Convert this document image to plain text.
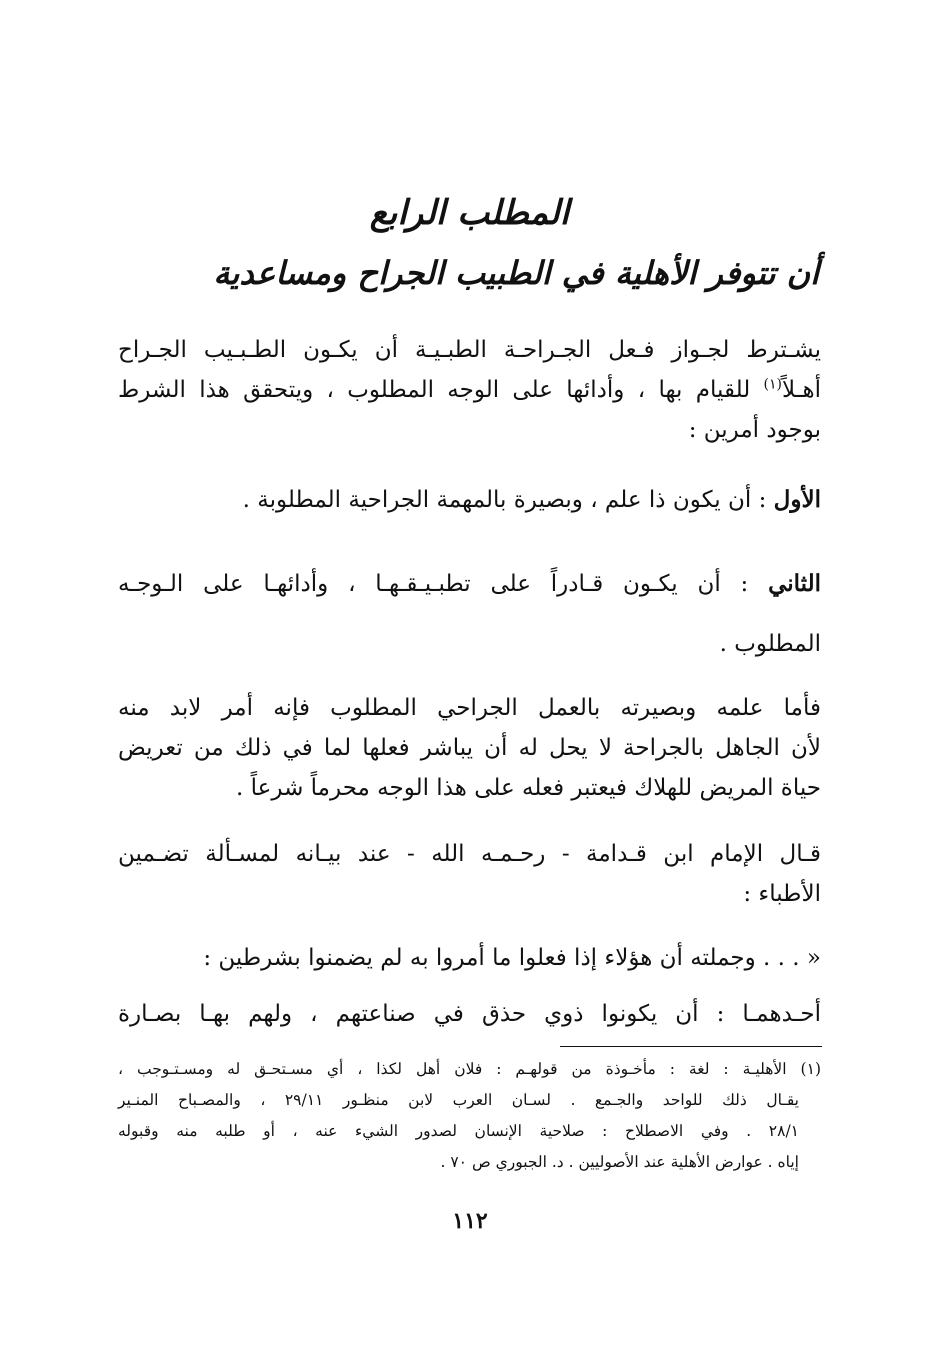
المطلب الرابع
أن تتوفر الأهلية في الطبيب الجراح ومساعدية
يشـترط لجـواز فـعل الجـراحـة الطبـيـة أن يكـون الطـبـيب الجـراح
أهـلاً$^{(١)}$ للقيام بها ، وأدائها على الوجه المطلوب ، ويتحقق هذا الشرط
بوجود أمرين :
الأول : أن يكون ذا علم ، وبصيرة بالمهمة الجراحية المطلوبة .
الثاني : أن يكـون قـادراً على تطبـيـقـهـا ، وأدائهـا على الـوجـه
المطلوب .
فأما علمه وبصيرته بالعمل الجراحي المطلوب فإنه أمر لابد منه
لأن الجاهل بالجراحة لا يحل له أن يباشر فعلها لما في ذلك من تعريض
حياة المريض للهلاك فيعتبر فعله على هذا الوجه محرماً شرعاً .
قـال الإمام ابن قـدامة - رحـمـه الله - عند بيـانه لمسـألة تضـمين
الأطباء :
« . . . وجملته أن هؤلاء إذا فعلوا ما أمروا به لم يضمنوا بشرطين :
أحـدهمـا : أن يكونوا ذوي حذق في صناعتهم ، ولهم بهـا بصـارة
(١) الأهليـة : لغة : مأخـوذة من قولهـم : فلان أهل لكذا ، أي مسـتحـق له ومسـتـوجب ،
يقـال ذلك للواحد والجـمع . لسـان العرب لابن منظـور ٢٩/١١ ، والمصـباح المنـير
٢٨/١ . وفي الاصطلاح : صلاحية الإنسان لصدور الشيء عنه ، أو طلبه منه وقبوله
إياه . عوارض الأهلية عند الأصوليين . د. الجبوري ص ٧٠ .
١١٢
